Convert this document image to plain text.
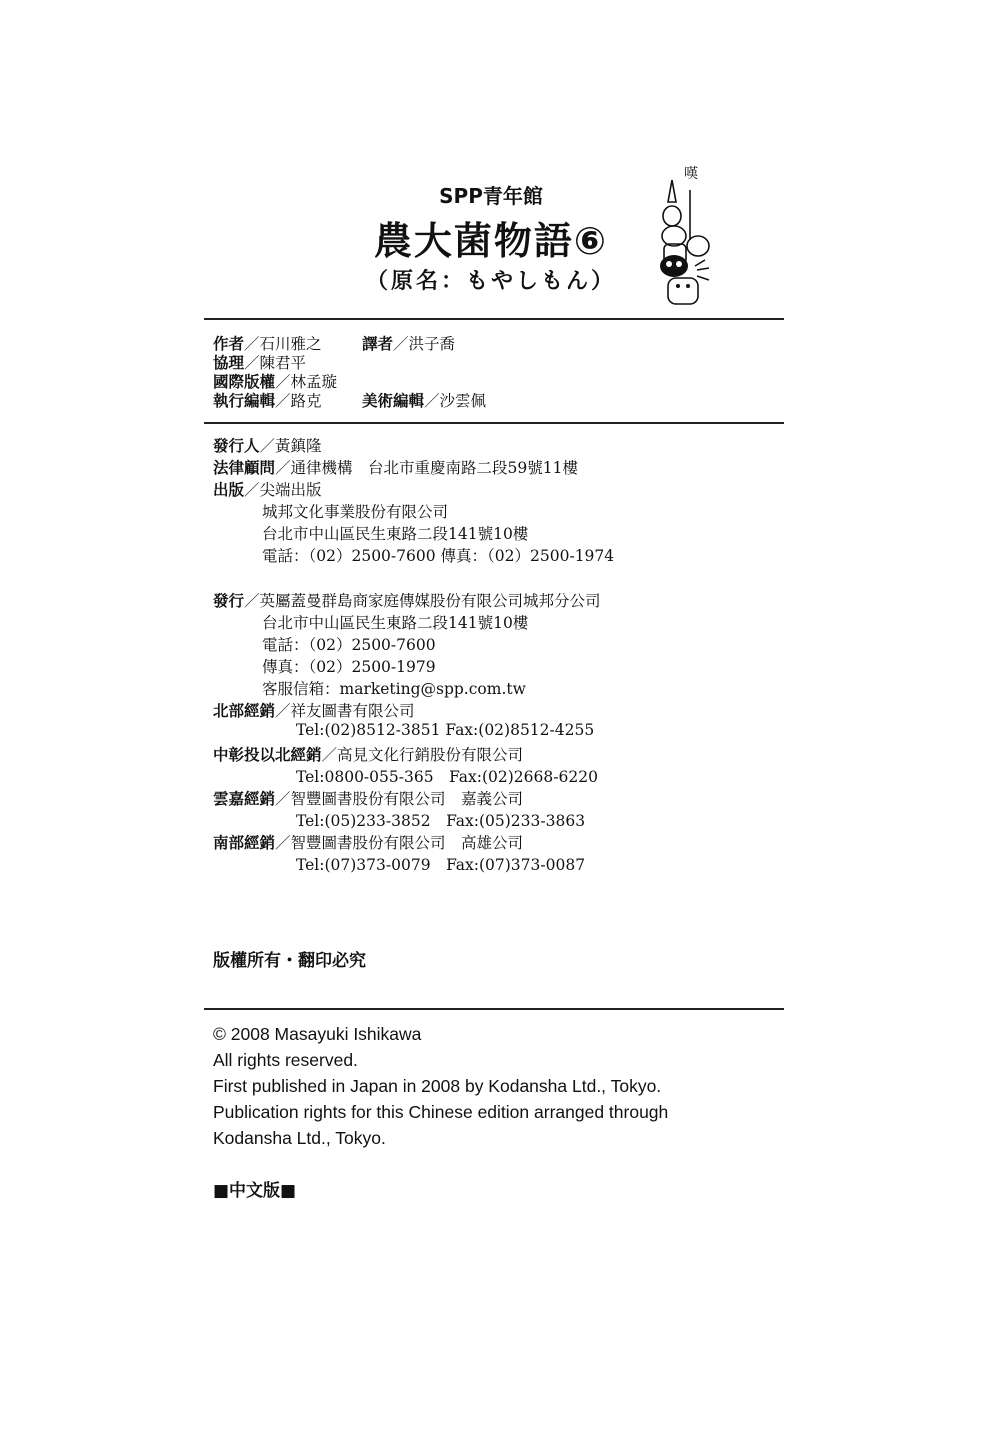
SPP青年館
農大菌物語⑥
（原名：もやしもん）
嘆
作者／石川雅之	譯者／洪子喬
協理／陳君平
國際版權／林孟璇
執行編輯／路克	美術編輯／沙雲佩
發行人／黃鎮隆
法律顧問／通律機構　台北市重慶南路二段59號11樓
出版／尖端出版
城邦文化事業股份有限公司
台北市中山區民生東路二段141號10樓
電話：（02）2500-7600 傳真：（02）2500-1974
發行／英屬蓋曼群島商家庭傳媒股份有限公司城邦分公司
台北市中山區民生東路二段141號10樓
電話：（02）2500-7600
傳真：（02）2500-1979
客服信箱：marketing@spp.com.tw
北部經銷／祥友圖書有限公司
Tel:(02)8512-3851 Fax:(02)8512-4255
中彰投以北經銷／高見文化行銷股份有限公司
Tel:0800-055-365　Fax:(02)2668-6220
雲嘉經銷／智豐圖書股份有限公司　嘉義公司
Tel:(05)233-3852　Fax:(05)233-3863
南部經銷／智豐圖書股份有限公司　高雄公司
Tel:(07)373-0079　Fax:(07)373-0087
版權所有・翻印必究
© 2008 Masayuki Ishikawa
All rights reserved.
First published in Japan in 2008 by Kodansha Ltd., Tokyo.
Publication rights for this Chinese edition arranged through
Kodansha Ltd., Tokyo.
■中文版■
